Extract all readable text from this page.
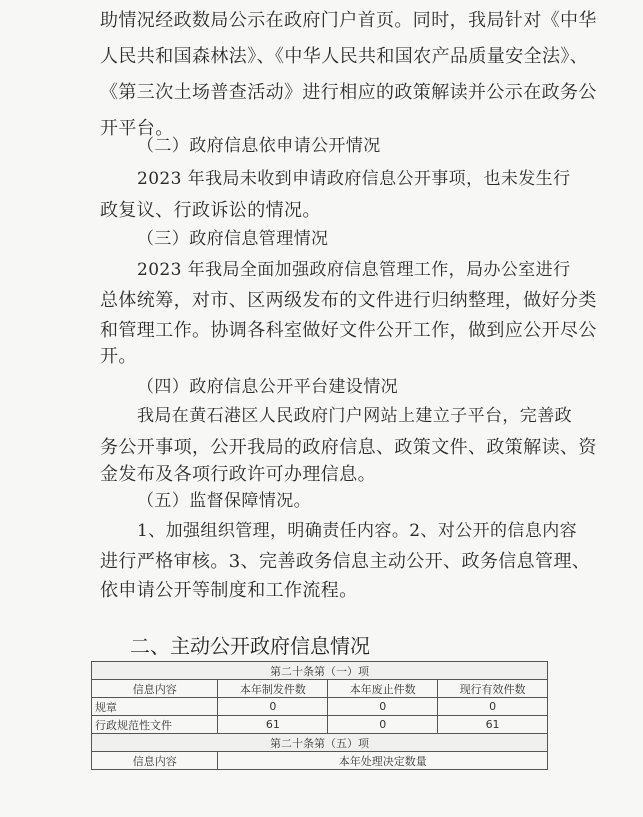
助情况经政数局公示在政府门户首页。同时，我局针对《中华
人民共和国森林法》、《中华人民共和国农产品质量安全法》、
《第三次土场普查活动》进行相应的政策解读并公示在政务公
开平台。
（二）政府信息依申请公开情况
2023 年我局未收到申请政府信息公开事项，也未发生行
政复议、行政诉讼的情况。
（三）政府信息管理情况
2023 年我局全面加强政府信息管理工作，局办公室进行
总体统筹，对市、区两级发布的文件进行归纳整理，做好分类
和管理工作。协调各科室做好文件公开工作，做到应公开尽公
开。
（四）政府信息公开平台建设情况
我局在黄石港区人民政府门户网站上建立子平台，完善政
务公开事项，公开我局的政府信息、政策文件、政策解读、资
金发布及各项行政许可办理信息。
（五）监督保障情况。
1、加强组织管理，明确责任内容。2、对公开的信息内容
进行严格审核。3、完善政务信息主动公开、政务信息管理、
依申请公开等制度和工作流程。
二、主动公开政府信息情况
第二十条第（一）项			
信息内容	本年制发件数	本年废止件数	现行有效件数
规章	0	0	0
行政规范性文件	61	0	61
第二十条第（五）项			
信息内容	本年处理决定数量		
